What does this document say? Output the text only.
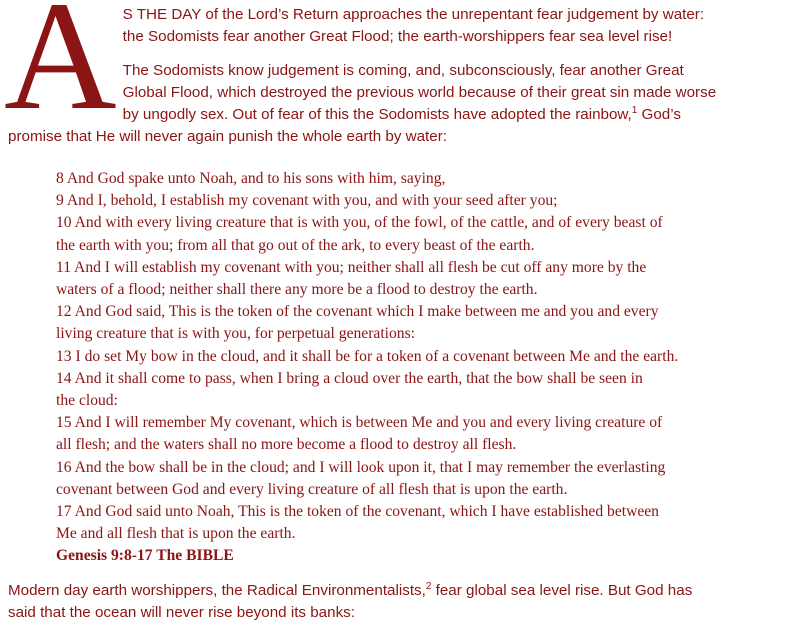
A S THE DAY of the Lord’s Return approaches the unrepentant fear judgement by water:
the Sodomists fear another Great Flood; the earth-worshippers fear sea level rise!
The Sodomists know judgement is coming, and, subconsciously, fear another Great
Global Flood, which destroyed the previous world because of their great sin made worse
by ungodly sex. Out of fear of this the Sodomists have adopted the rainbow,$^1$ God’s
promise that He will never again punish the whole earth by water:
8 And God spake unto Noah, and to his sons with him, saying,
9 And I, behold, I establish my covenant with you, and with your seed after you;
10 And with every living creature that is with you, of the fowl, of the cattle, and of every beast of
the earth with you; from all that go out of the ark, to every beast of the earth.
11 And I will establish my covenant with you; neither shall all flesh be cut off any more by the
waters of a flood; neither shall there any more be a flood to destroy the earth.
12 And God said, This is the token of the covenant which I make between me and you and every
living creature that is with you, for perpetual generations:
13 I do set My bow in the cloud, and it shall be for a token of a covenant between Me and the earth.
14 And it shall come to pass, when I bring a cloud over the earth, that the bow shall be seen in
the cloud:
15 And I will remember My covenant, which is between Me and you and every living creature of
all flesh; and the waters shall no more become a flood to destroy all flesh.
16 And the bow shall be in the cloud; and I will look upon it, that I may remember the everlasting
covenant between God and every living creature of all flesh that is upon the earth.
17 And God said unto Noah, This is the token of the covenant, which I have established between
Me and all flesh that is upon the earth.
Genesis 9:8-17 The BIBLE
Modern day earth worshippers, the Radical Environmentalists,$^2$ fear global sea level rise. But God has
said that the ocean will never rise beyond its banks:
